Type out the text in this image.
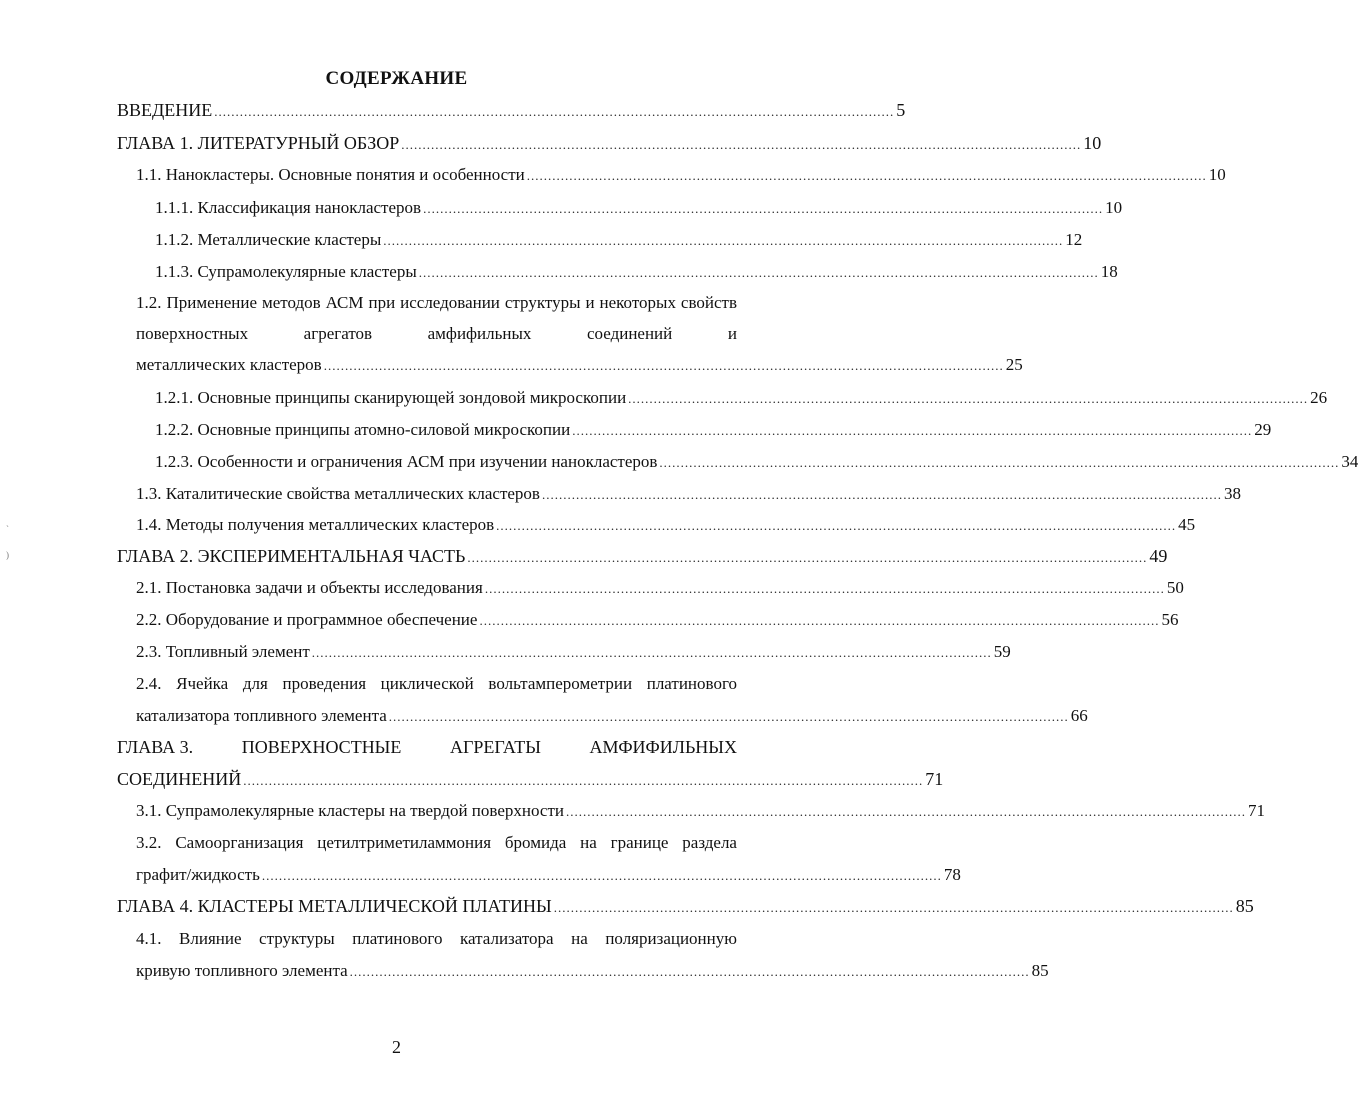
СОДЕРЖАНИЕ
ВВЕДЕНИЕ ................................................................................................................................................................ 5
ГЛАВА 1. ЛИТЕРАТУРНЫЙ ОБЗОР ................................................................................................................................................................ 10
1.1. Нанокластеры. Основные понятия и особенности ................................................................................................................................................................ 10
1.1.1. Классификация нанокластеров ................................................................................................................................................................ 10
1.1.2. Металлические кластеры ................................................................................................................................................................ 12
1.1.3. Супрамолекулярные кластеры ................................................................................................................................................................ 18
1.2. Применение методов АСМ при исследовании структуры и некоторых свойств
поверхностных	агрегатов	амфифильных	соединений	и
металлических кластеров ................................................................................................................................................................ 25
1.2.1. Основные принципы сканирующей зондовой микроскопии ................................................................................................................................................................ 26
1.2.2. Основные принципы атомно-силовой микроскопии ................................................................................................................................................................ 29
1.2.3. Особенности и ограничения АСМ при изучении нанокластеров ................................................................................................................................................................ 34
1.3. Каталитические свойства металлических кластеров ................................................................................................................................................................ 38
1.4. Методы получения металлических кластеров ................................................................................................................................................................ 45
ГЛАВА 2. ЭКСПЕРИМЕНТАЛЬНАЯ ЧАСТЬ ................................................................................................................................................................ 49
2.1. Постановка задачи и объекты исследования ................................................................................................................................................................ 50
2.2. Оборудование и программное обеспечение ................................................................................................................................................................ 56
2.3. Топливный элемент ................................................................................................................................................................ 59
2.4. Ячейка для проведения циклической вольтамперометрии платинового
катализатора топливного элемента ................................................................................................................................................................ 66
ГЛАВА 3.	ПОВЕРХНОСТНЫЕ	АГРЕГАТЫ	АМФИФИЛЬНЫХ
СОЕДИНЕНИЙ ................................................................................................................................................................ 71
3.1. Супрамолекулярные кластеры на твердой поверхности ................................................................................................................................................................ 71
3.2. Самоорганизация цетилтриметиламмония бромида на границе раздела
графит/жидкость ................................................................................................................................................................ 78
ГЛАВА 4. КЛАСТЕРЫ МЕТАЛЛИЧЕСКОЙ ПЛАТИНЫ ................................................................................................................................................................ 85
4.1. Влияние структуры платинового катализатора на поляризационную
кривую топливного элемента ................................................................................................................................................................ 85
2
`
)
